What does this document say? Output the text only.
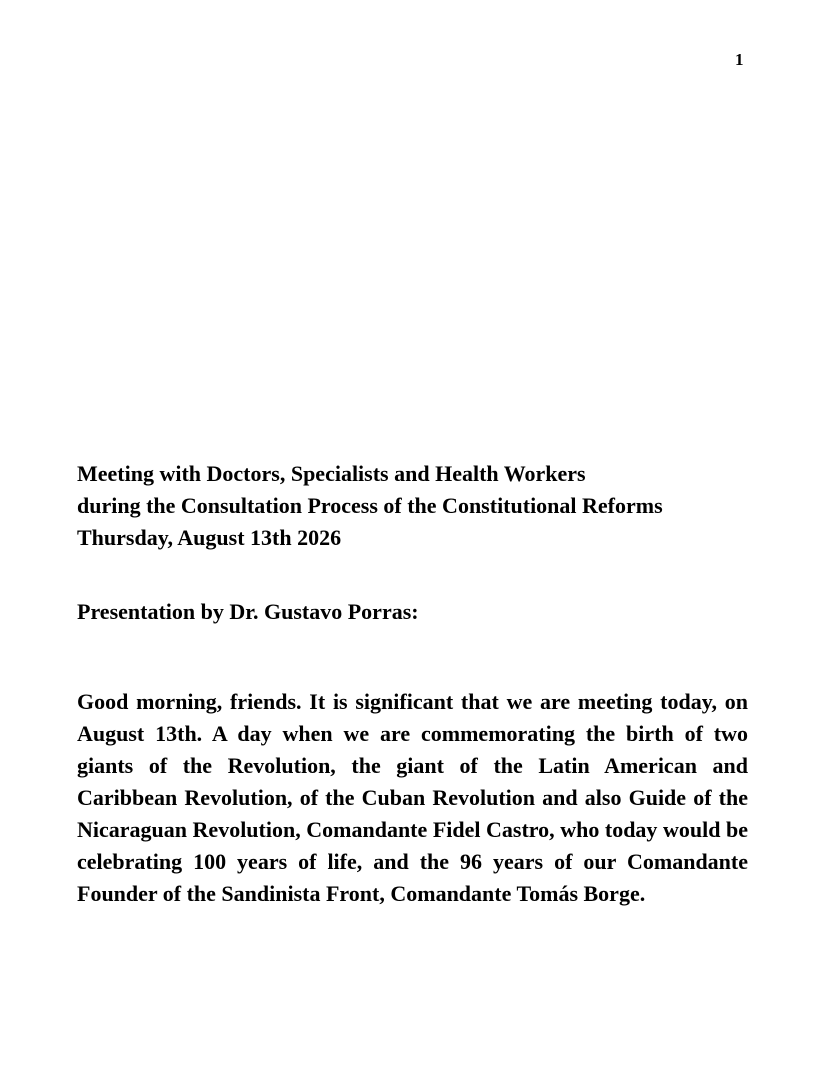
1
Meeting with Doctors, Specialists and Health Workers
during the Consultation Process of the Constitutional Reforms
Thursday, August 13th 2026
Presentation by Dr. Gustavo Porras:

Good morning, friends. It is significant that we are meeting today, on August 13th. A day when we are commemorating the birth of two giants of the Revolution, the giant of the Latin American and Caribbean Revolution, of the Cuban Revolution and also Guide of the Nicaraguan Revolution, Comandante Fidel Castro, who today would be celebrating 100 years of life, and the 96 years of our Comandante Founder of the Sandinista Front, Comandante Tomás Borge.
